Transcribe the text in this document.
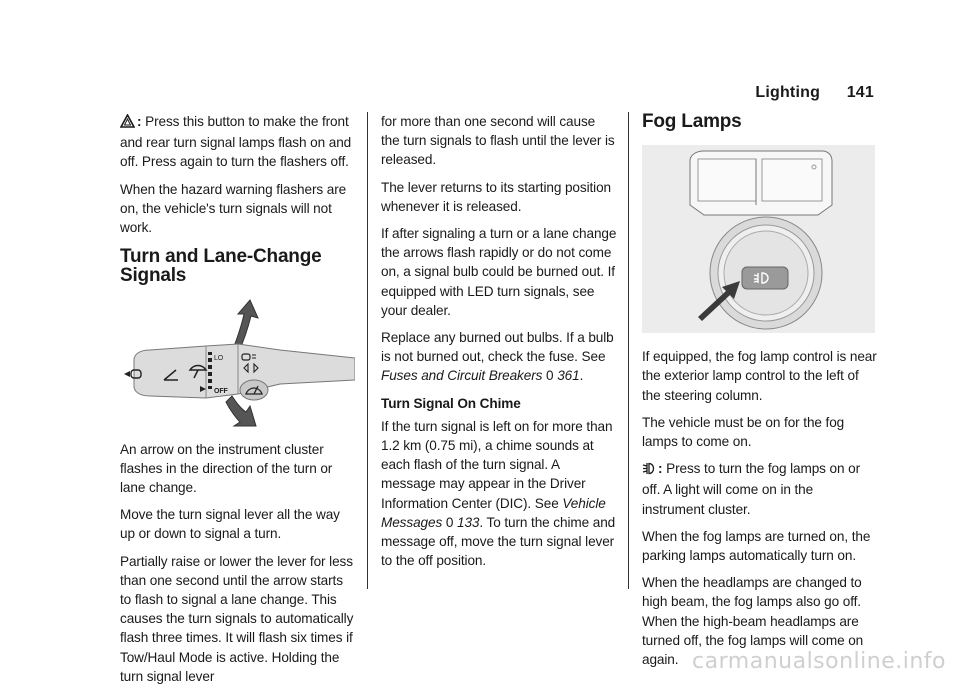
Lighting 141

: Press this button to make the front and rear turn signal lamps flash on and off. Press again to turn the flashers off.

When the hazard warning flashers are on, the vehicle's turn signals will not work.

Turn and Lane-Change Signals
LO
OFF

An arrow on the instrument cluster flashes in the direction of the turn or lane change.

Move the turn signal lever all the way up or down to signal a turn.

Partially raise or lower the lever for less than one second until the arrow starts to flash to signal a lane change. This causes the turn signals to automatically flash three times. It will flash six times if Tow/Haul Mode is active. Holding the turn signal lever

for more than one second will cause the turn signals to flash until the lever is released.

The lever returns to its starting position whenever it is released.

If after signaling a turn or a lane change the arrows flash rapidly or do not come on, a signal bulb could be burned out. If equipped with LED turn signals, see your dealer.

Replace any burned out bulbs. If a bulb is not burned out, check the fuse. See Fuses and Circuit Breakers 0 361.

Turn Signal On Chime

If the turn signal is left on for more than 1.2 km (0.75 mi), a chime sounds at each flash of the turn signal. A message may appear in the Driver Information Center (DIC). See Vehicle Messages 0 133. To turn the chime and message off, move the turn signal lever to the off position.

Fog Lamps

If equipped, the fog lamp control is near the exterior lamp control to the left of the steering column.

The vehicle must be on for the fog lamps to come on.

: Press to turn the fog lamps on or off. A light will come on in the instrument cluster.

When the fog lamps are turned on, the parking lamps automatically turn on.

When the headlamps are changed to high beam, the fog lamps also go off. When the high-beam headlamps are turned off, the fog lamps will come on again. carmanualsonline.info
